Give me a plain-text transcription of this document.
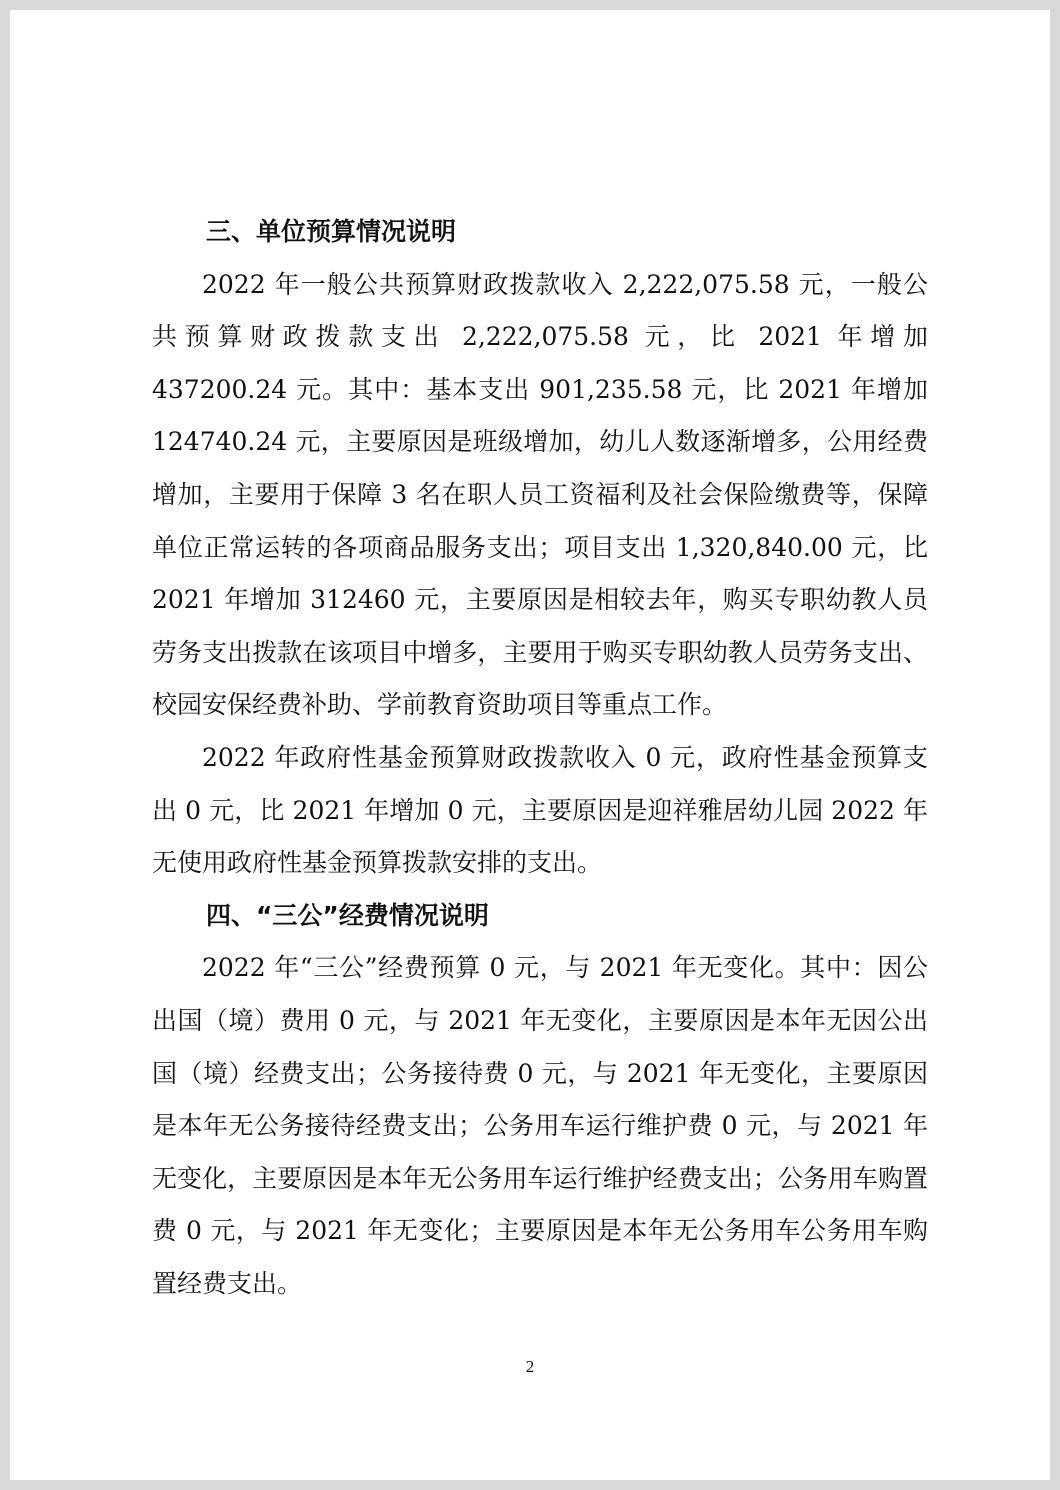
三、单位预算情况说明

2022 年一般公共预算财政拨款收入 2,222,075.58 元，一般公共预算财政拨款支出 2,222,075.58 元，比 2021 年增加 437200.24 元。其中：基本支出 901,235.58 元，比 2021 年增加 124740.24 元，主要原因是班级增加，幼儿人数逐渐增多，公用经费增加，主要用于保障 3 名在职人员工资福利及社会保险缴费等，保障单位正常运转的各项商品服务支出；项目支出 1,320,840.00 元，比 2021 年增加 312460 元，主要原因是相较去年，购买专职幼教人员劳务支出拨款在该项目中增多，主要用于购买专职幼教人员劳务支出、校园安保经费补助、学前教育资助项目等重点工作。

2022 年政府性基金预算财政拨款收入 0 元，政府性基金预算支出 0 元，比 2021 年增加 0 元，主要原因是迎祥雅居幼儿园 2022 年无使用政府性基金预算拨款安排的支出。

四、“三公”经费情况说明

2022 年“三公”经费预算 0 元，与 2021 年无变化。其中：因公出国（境）费用 0 元，与 2021 年无变化，主要原因是本年无因公出国（境）经费支出；公务接待费 0 元，与 2021 年无变化，主要原因是本年无公务接待经费支出；公务用车运行维护费 0 元，与 2021 年无变化，主要原因是本年无公务用车运行维护经费支出；公务用车购置费 0 元，与 2021 年无变化；主要原因是本年无公务用车公务用车购置经费支出。

2
